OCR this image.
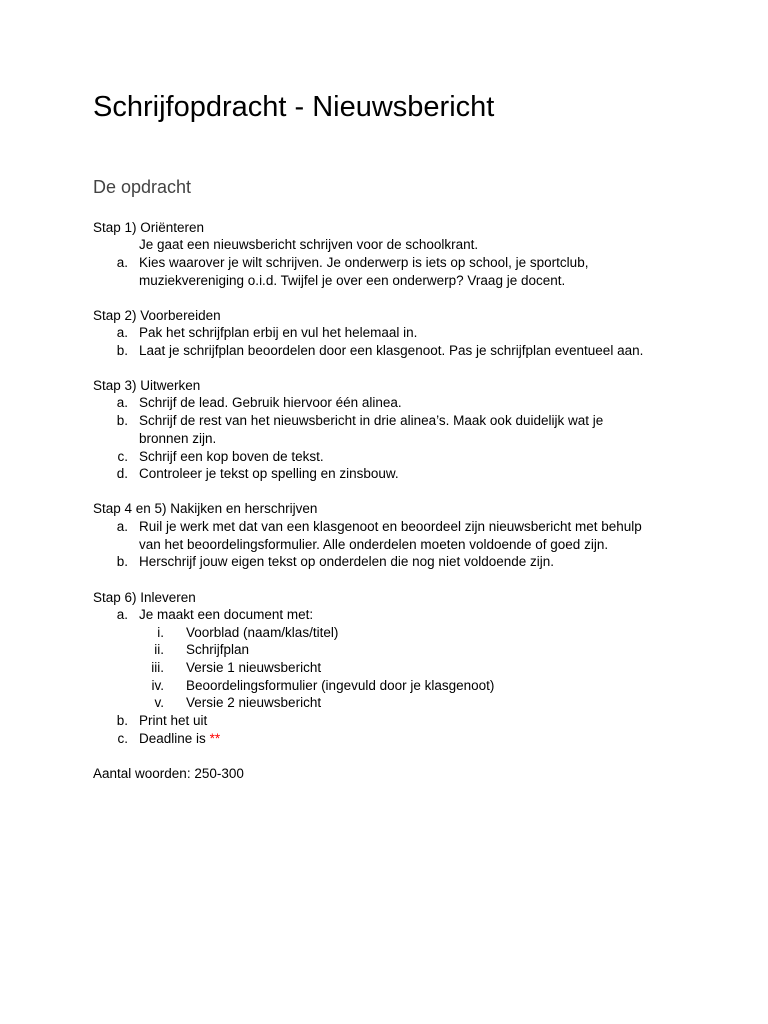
Schrijfopdracht - Nieuwsbericht
De opdracht
Stap 1) Oriënteren
Je gaat een nieuwsbericht schrijven voor de schoolkrant.
a. Kies waarover je wilt schrijven. Je onderwerp is iets op school, je sportclub,
muziekvereniging o.i.d. Twijfel je over een onderwerp? Vraag je docent.
Stap 2) Voorbereiden
a. Pak het schrijfplan erbij en vul het helemaal in.
b. Laat je schrijfplan beoordelen door een klasgenoot. Pas je schrijfplan eventueel aan.
Stap 3) Uitwerken
a. Schrijf de lead. Gebruik hiervoor één alinea.
b. Schrijf de rest van het nieuwsbericht in drie alinea’s. Maak ook duidelijk wat je
bronnen zijn.
c. Schrijf een kop boven de tekst.
d. Controleer je tekst op spelling en zinsbouw.
Stap 4 en 5) Nakijken en herschrijven
a. Ruil je werk met dat van een klasgenoot en beoordeel zijn nieuwsbericht met behulp
van het beoordelingsformulier. Alle onderdelen moeten voldoende of goed zijn.
b. Herschrijf jouw eigen tekst op onderdelen die nog niet voldoende zijn.
Stap 6) Inleveren
a. Je maakt een document met:
i. Voorblad (naam/klas/titel)
ii. Schrijfplan
iii. Versie 1 nieuwsbericht
iv. Beoordelingsformulier (ingevuld door je klasgenoot)
v. Versie 2 nieuwsbericht
b. Print het uit
c. Deadline is **
Aantal woorden: 250-300
